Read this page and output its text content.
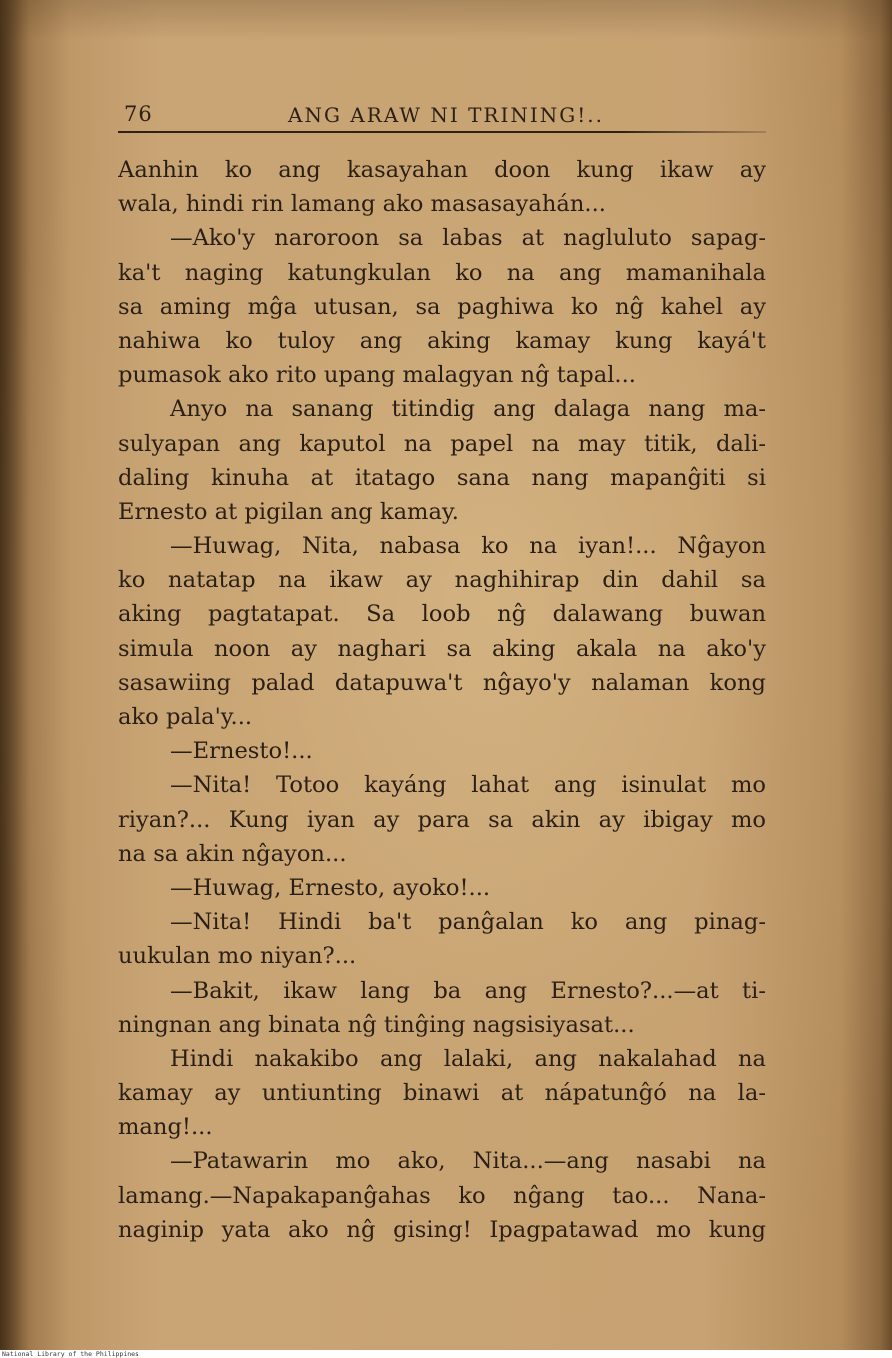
76	ANG ARAW NI TRINING!..
Aanhin ko ang kasayahan doon kung ikaw ay
wala, hindi rin lamang ako masasayahán...
—Ako'y naroroon sa labas at nagluluto sapag-
ka't naging katungkulan ko na ang mamanihala
sa aming mĝa utusan, sa paghiwa ko nĝ kahel ay
nahiwa ko tuloy ang aking kamay kung kayá't
pumasok ako rito upang malagyan nĝ tapal...
Anyo na sanang titindig ang dalaga nang ma-
sulyapan ang kaputol na papel na may titik, dali-
daling kinuha at itatago sana nang mapanĝiti si
Ernesto at pigilan ang kamay.
—Huwag, Nita, nabasa ko na iyan!... Nĝayon
ko natatap na ikaw ay naghihirap din dahil sa
aking pagtatapat. Sa loob nĝ dalawang buwan
simula noon ay naghari sa aking akala na ako'y
sasawiing palad datapuwa't nĝayo'y nalaman kong
ako pala'y...
—Ernesto!...
—Nita! Totoo kayáng lahat ang isinulat mo
riyan?... Kung iyan ay para sa akin ay ibigay mo
na sa akin nĝayon...
—Huwag, Ernesto, ayoko!...
—Nita! Hindi ba't panĝalan ko ang pinag-
uukulan mo niyan?...
—Bakit, ikaw lang ba ang Ernesto?...—at ti-
ningnan ang binata nĝ tinĝing nagsisiyasat...
Hindi nakakibo ang lalaki, ang nakalahad na
kamay ay untiunting binawi at nápatunĝó na la-
mang!...
—Patawarin mo ako, Nita...—ang nasabi na
lamang.—Napakapanĝahas ko nĝang tao... Nana-
naginip yata ako nĝ gising! Ipagpatawad mo kung
National Library of the Philippines
